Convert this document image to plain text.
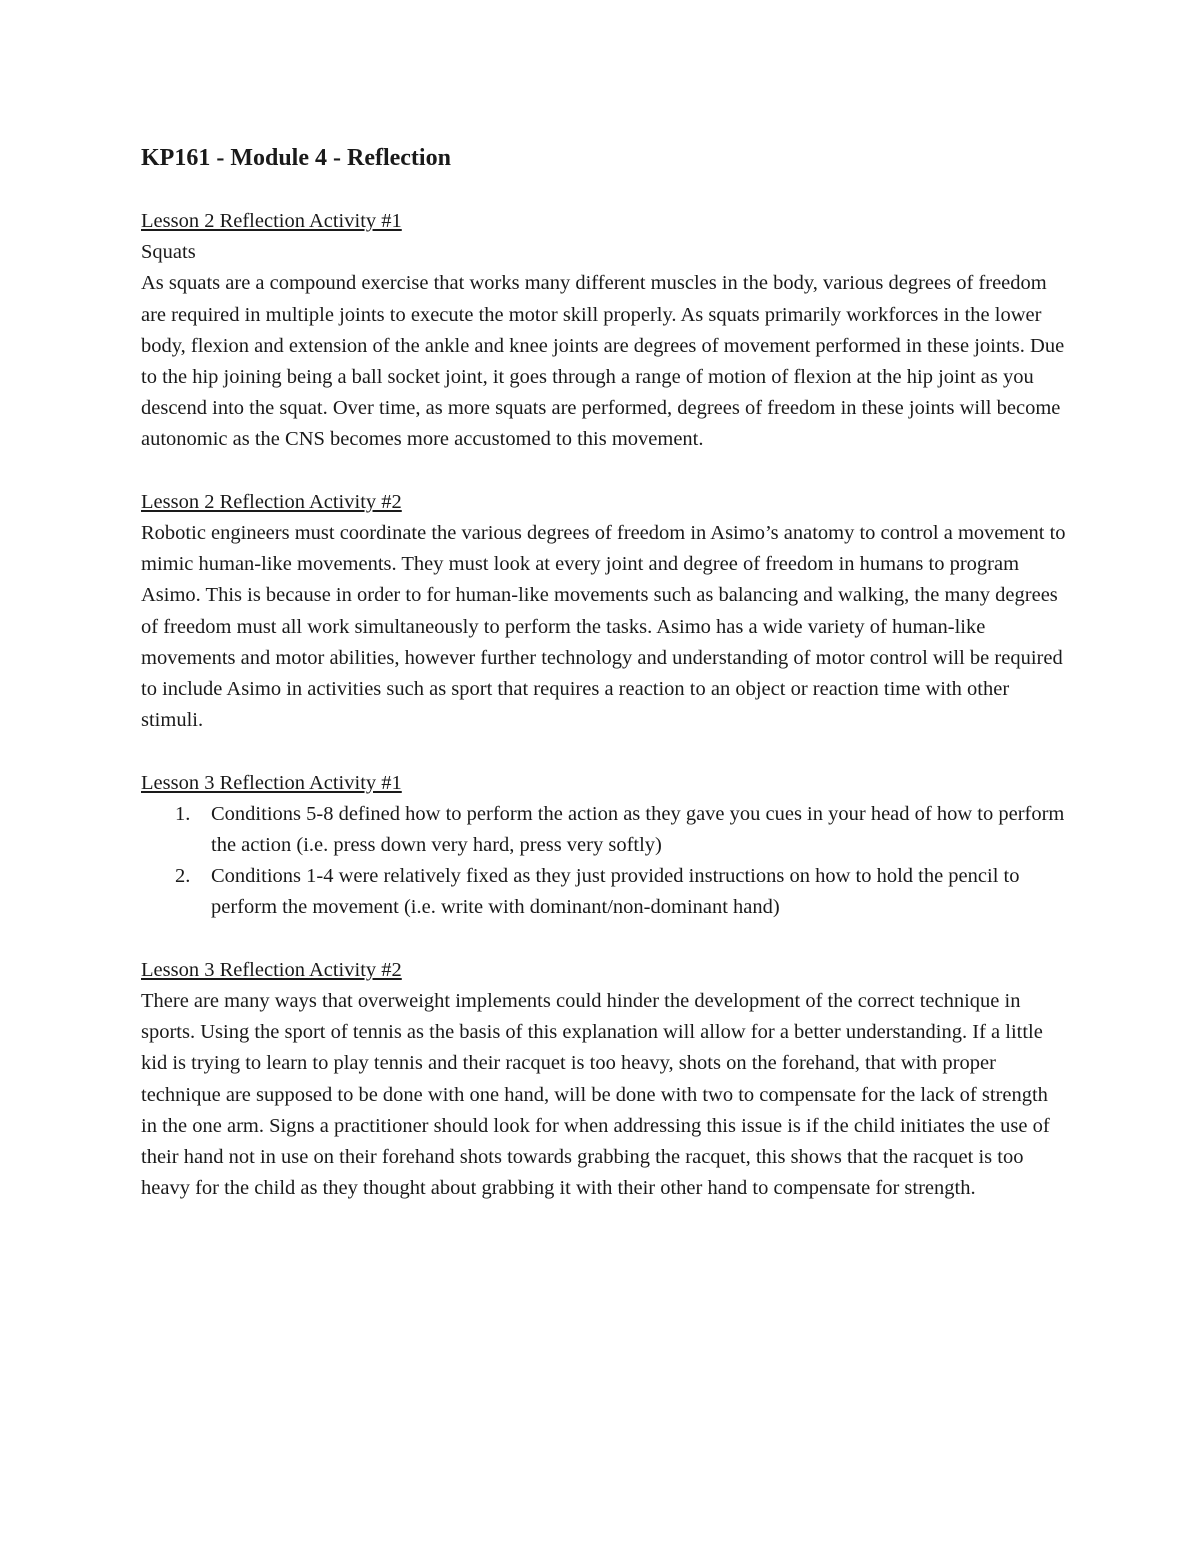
KP161 - Module 4 - Reflection

Lesson 2 Reflection Activity #1

Squats

As squats are a compound exercise that works many different muscles in the body, various degrees of freedom are required in multiple joints to execute the motor skill properly. As squats primarily workforces in the lower body, flexion and extension of the ankle and knee joints are degrees of movement performed in these joints. Due to the hip joining being a ball socket joint, it goes through a range of motion of flexion at the hip joint as you descend into the squat. Over time, as more squats are performed, degrees of freedom in these joints will become autonomic as the CNS becomes more accustomed to this movement.

Lesson 2 Reflection Activity #2

Robotic engineers must coordinate the various degrees of freedom in Asimo’s anatomy to control a movement to mimic human-like movements. They must look at every joint and degree of freedom in humans to program Asimo. This is because in order to for human-like movements such as balancing and walking, the many degrees of freedom must all work simultaneously to perform the tasks. Asimo has a wide variety of human-like movements and motor abilities, however further technology and understanding of motor control will be required to include Asimo in activities such as sport that requires a reaction to an object or reaction time with other stimuli.

Lesson 3 Reflection Activity #1

1. Conditions 5-8 defined how to perform the action as they gave you cues in your head of how to perform the action (i.e. press down very hard, press very softly)
2. Conditions 1-4 were relatively fixed as they just provided instructions on how to hold the pencil to perform the movement (i.e. write with dominant/non-dominant hand)

Lesson 3 Reflection Activity #2

There are many ways that overweight implements could hinder the development of the correct technique in sports. Using the sport of tennis as the basis of this explanation will allow for a better understanding. If a little kid is trying to learn to play tennis and their racquet is too heavy, shots on the forehand, that with proper technique are supposed to be done with one hand, will be done with two to compensate for the lack of strength in the one arm. Signs a practitioner should look for when addressing this issue is if the child initiates the use of their hand not in use on their forehand shots towards grabbing the racquet, this shows that the racquet is too heavy for the child as they thought about grabbing it with their other hand to compensate for strength.
